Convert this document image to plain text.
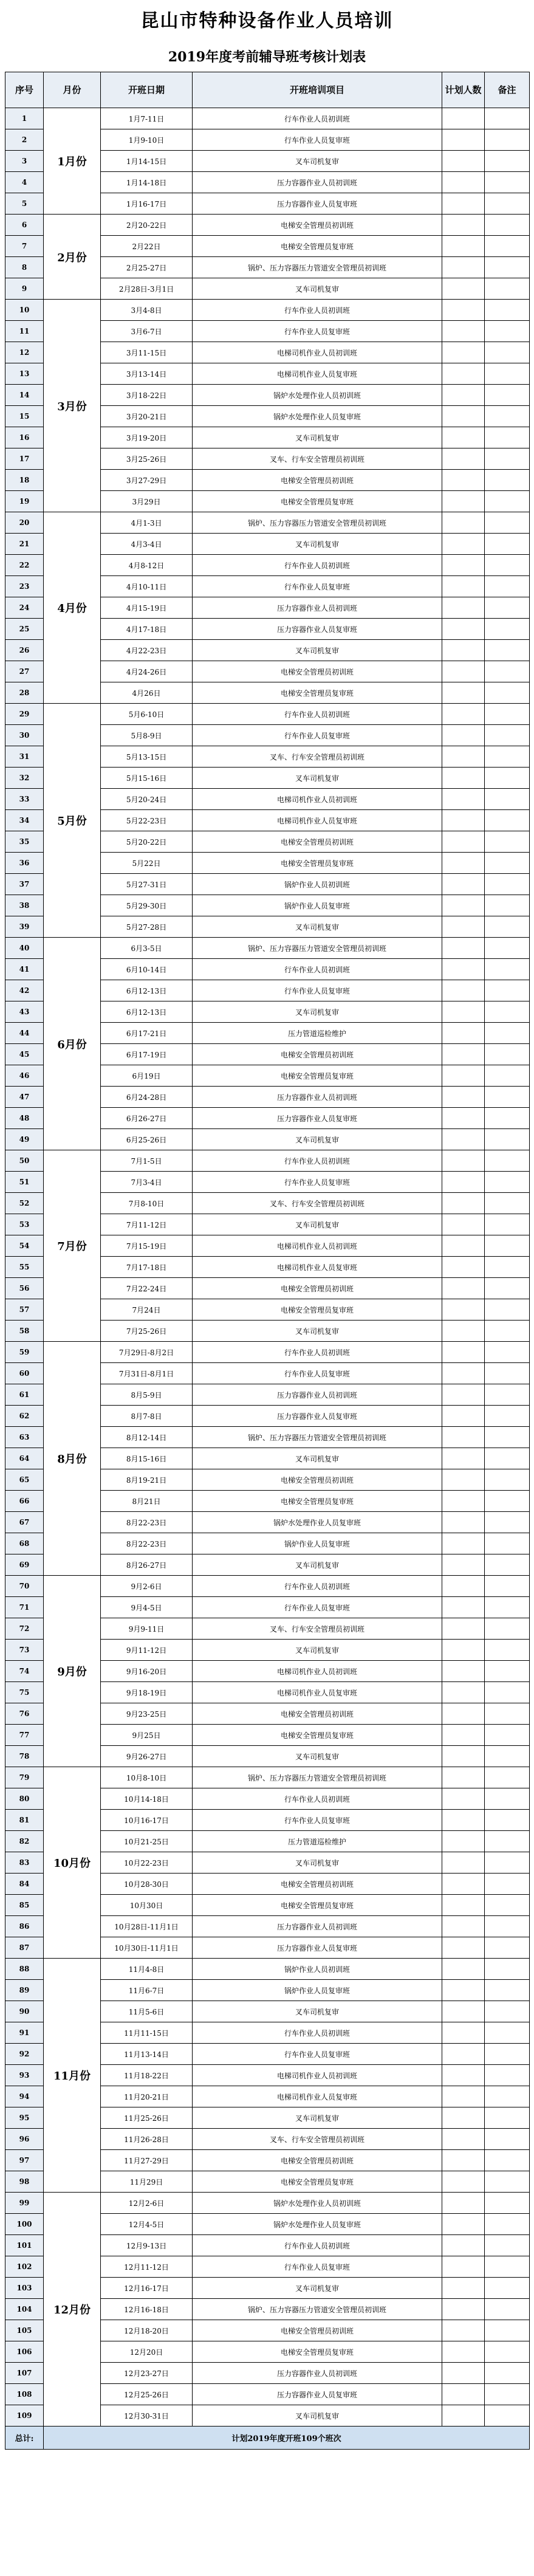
昆山市特种设备作业人员培训
2019年度考前辅导班考核计划表
序号	月份	开班日期	开班培训项目	计划人数	备注
1	1月份	1月7-11日	行车作业人员初训班		
2		1月9-10日	行车作业人员复审班		
3		1月14-15日	叉车司机复审		
4		1月14-18日	压力容器作业人员初训班		
5		1月16-17日	压力容器作业人员复审班		
6	2月份	2月20-22日	电梯安全管理员初训班		
7		2月22日	电梯安全管理员复审班		
8		2月25-27日	锅炉、压力容器压力管道安全管理员初训班		
9		2月28日-3月1日	叉车司机复审		
10	3月份	3月4-8日	行车作业人员初训班		
11		3月6-7日	行车作业人员复审班		
12		3月11-15日	电梯司机作业人员初训班		
13		3月13-14日	电梯司机作业人员复审班		
14		3月18-22日	锅炉水处理作业人员初训班		
15		3月20-21日	锅炉水处理作业人员复审班		
16		3月19-20日	叉车司机复审		
17		3月25-26日	叉车、行车安全管理员初训班		
18		3月27-29日	电梯安全管理员初训班		
19		3月29日	电梯安全管理员复审班		
20	4月份	4月1-3日	锅炉、压力容器压力管道安全管理员初训班		
21		4月3-4日	叉车司机复审		
22		4月8-12日	行车作业人员初训班		
23		4月10-11日	行车作业人员复审班		
24		4月15-19日	压力容器作业人员初训班		
25		4月17-18日	压力容器作业人员复审班		
26		4月22-23日	叉车司机复审		
27		4月24-26日	电梯安全管理员初训班		
28		4月26日	电梯安全管理员复审班		
29	5月份	5月6-10日	行车作业人员初训班		
30		5月8-9日	行车作业人员复审班		
31		5月13-15日	叉车、行车安全管理员初训班		
32		5月15-16日	叉车司机复审		
33		5月20-24日	电梯司机作业人员初训班		
34		5月22-23日	电梯司机作业人员复审班		
35		5月20-22日	电梯安全管理员初训班		
36		5月22日	电梯安全管理员复审班		
37		5月27-31日	锅炉作业人员初训班		
38		5月29-30日	锅炉作业人员复审班		
39		5月27-28日	叉车司机复审		
40	6月份	6月3-5日	锅炉、压力容器压力管道安全管理员初训班		
41		6月10-14日	行车作业人员初训班		
42		6月12-13日	行车作业人员复审班		
43		6月12-13日	叉车司机复审		
44		6月17-21日	压力管道巡检维护		
45		6月17-19日	电梯安全管理员初训班		
46		6月19日	电梯安全管理员复审班		
47		6月24-28日	压力容器作业人员初训班		
48		6月26-27日	压力容器作业人员复审班		
49		6月25-26日	叉车司机复审		
50	7月份	7月1-5日	行车作业人员初训班		
51		7月3-4日	行车作业人员复审班		
52		7月8-10日	叉车、行车安全管理员初训班		
53		7月11-12日	叉车司机复审		
54		7月15-19日	电梯司机作业人员初训班		
55		7月17-18日	电梯司机作业人员复审班		
56		7月22-24日	电梯安全管理员初训班		
57		7月24日	电梯安全管理员复审班		
58		7月25-26日	叉车司机复审		
59	8月份	7月29日-8月2日	行车作业人员初训班		
60		7月31日-8月1日	行车作业人员复审班		
61		8月5-9日	压力容器作业人员初训班		
62		8月7-8日	压力容器作业人员复审班		
63		8月12-14日	锅炉、压力容器压力管道安全管理员初训班		
64		8月15-16日	叉车司机复审		
65		8月19-21日	电梯安全管理员初训班		
66		8月21日	电梯安全管理员复审班		
67		8月22-23日	锅炉水处理作业人员复审班		
68		8月22-23日	锅炉作业人员复审班		
69		8月26-27日	叉车司机复审		
70	9月份	9月2-6日	行车作业人员初训班		
71		9月4-5日	行车作业人员复审班		
72		9月9-11日	叉车、行车安全管理员初训班		
73		9月11-12日	叉车司机复审		
74		9月16-20日	电梯司机作业人员初训班		
75		9月18-19日	电梯司机作业人员复审班		
76		9月23-25日	电梯安全管理员初训班		
77		9月25日	电梯安全管理员复审班		
78		9月26-27日	叉车司机复审		
79	10月份	10月8-10日	锅炉、压力容器压力管道安全管理员初训班		
80		10月14-18日	行车作业人员初训班		
81		10月16-17日	行车作业人员复审班		
82		10月21-25日	压力管道巡检维护		
83		10月22-23日	叉车司机复审		
84		10月28-30日	电梯安全管理员初训班		
85		10月30日	电梯安全管理员复审班		
86		10月28日-11月1日	压力容器作业人员初训班		
87		10月30日-11月1日	压力容器作业人员复审班		
88	11月份	11月4-8日	锅炉作业人员初训班		
89		11月6-7日	锅炉作业人员复审班		
90		11月5-6日	叉车司机复审		
91		11月11-15日	行车作业人员初训班		
92		11月13-14日	行车作业人员复审班		
93		11月18-22日	电梯司机作业人员初训班		
94		11月20-21日	电梯司机作业人员复审班		
95		11月25-26日	叉车司机复审		
96		11月26-28日	叉车、行车安全管理员初训班		
97		11月27-29日	电梯安全管理员初训班		
98		11月29日	电梯安全管理员复审班		
99	12月份	12月2-6日	锅炉水处理作业人员初训班		
100		12月4-5日	锅炉水处理作业人员复审班		
101		12月9-13日	行车作业人员初训班		
102		12月11-12日	行车作业人员复审班		
103		12月16-17日	叉车司机复审		
104		12月16-18日	锅炉、压力容器压力管道安全管理员初训班		
105		12月18-20日	电梯安全管理员初训班		
106		12月20日	电梯安全管理员复审班		
107		12月23-27日	压力容器作业人员初训班		
108		12月25-26日	压力容器作业人员复审班		
109		12月30-31日	叉车司机复审		
总计:	计划2019年度开班109个班次				
